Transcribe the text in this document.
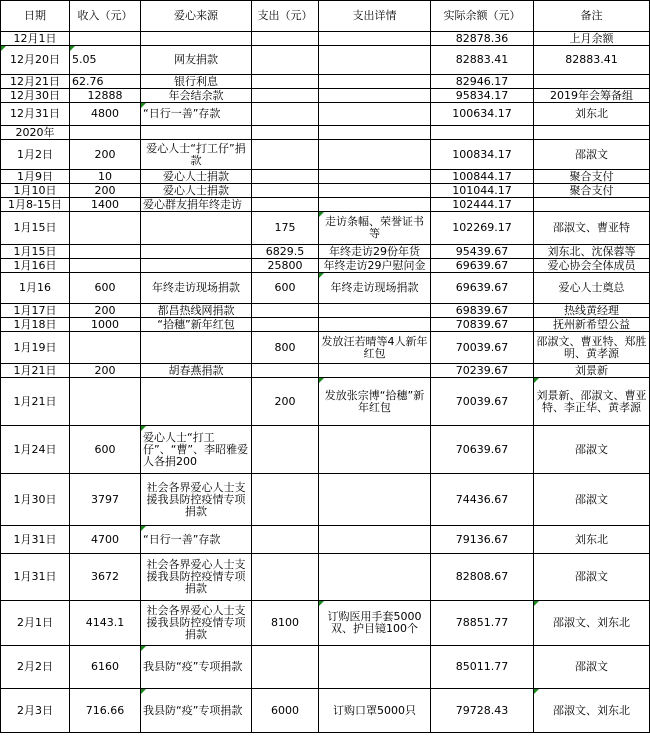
日期	收入（元）	爱心来源	支出（元）	支出详情	实际余额（元）	备注
12月1日					82878.36	上月余额
12月20日	5.05	网友捐款			82883.41	82883.41
12月21日	62.76	银行利息			82946.17	
12月30日	12888	年会结余款			95834.17	2019年会筹备组
12月31日	4800	“日行一善”存款			100634.17	刘东北
2020年						
1月2日	200	爱心人士“打工仔”捐款			100834.17	邵淑文
1月9日	10	爱心人士捐款			100844.17	聚合支付
1月10日	200	爱心人士捐款			101044.17	聚合支付
1月8-15日	1400	爱心群友捐年终走访			102444.17	
1月15日			175	走访条幅、荣誉证书等	102269.17	邵淑文、曹亚特
1月15日			6829.5	年终走访29份年货	95439.67	刘东北、沈保蓉等
1月16日			25800	年终走访29户慰问金	69639.67	爱心协会全体成员
1月16	600	年终走访现场捐款	600	年终走访现场捐款	69639.67	爱心人士奠总
1月17日	200	都昌热线网捐款			69839.67	热线黄经理
1月18日	1000	“拾穗”新年红包			70839.67	抚州新希望公益
1月19日			800	发放汪若晴等4人新年红包	70039.67	邵淑文、曹亚特、郑胜明、黄孝源
1月21日	200	胡春燕捐款			70239.67	刘景新
1月21日			200	发放张宗博“拾穗”新年红包	70039.67	刘景新、邵淑文、曹亚特、李正华、黄孝源
1月24日	600	爱心人士“打工仔”、“曹”、李昭雅爱人各捐200			70639.67	邵淑文
1月30日	3797	社会各界爱心人士支援我县防控疫情专项捐款			74436.67	邵淑文
1月31日	4700	“日行一善”存款			79136.67	刘东北
1月31日	3672	社会各界爱心人士支援我县防控疫情专项捐款			82808.67	邵淑文
2月1日	4143.1	社会各界爱心人士支援我县防控疫情专项捐款	8100	订购医用手套5000双、护目镜100个	78851.77	邵淑文、刘东北
2月2日	6160	我县防“疫”专项捐款			85011.77	邵淑文
2月3日	716.66	我县防“疫”专项捐款	6000	订购口罩5000只	79728.43	邵淑文、刘东北
